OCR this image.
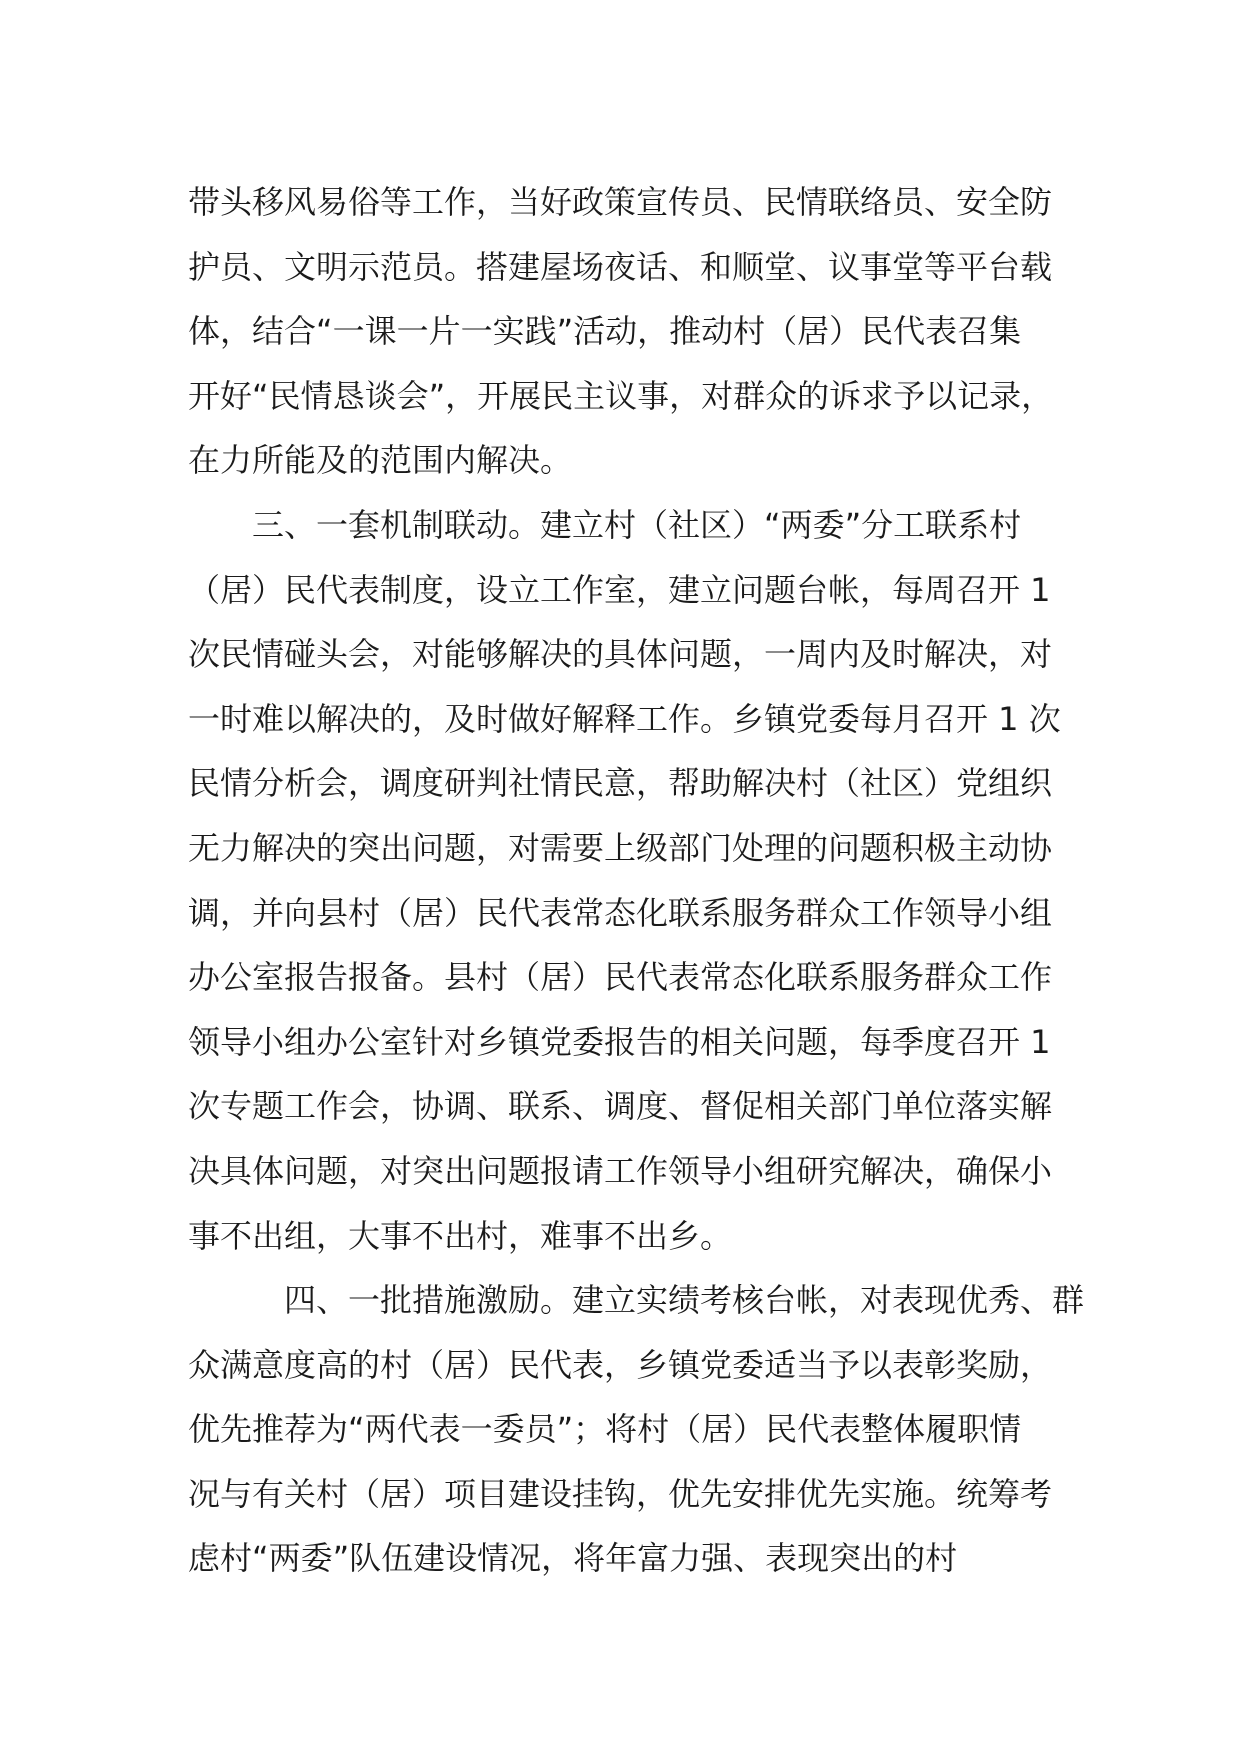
带头移风易俗等工作，当好政策宣传员、民情联络员、安全防
护员、文明示范员。搭建屋场夜话、和顺堂、议事堂等平台载
体，结合“一课一片一实践”活动，推动村（居）民代表召集
开好“民情恳谈会”，开展民主议事，对群众的诉求予以记录，
在力所能及的范围内解决。
　　三、一套机制联动。建立村（社区）“两委”分工联系村
（居）民代表制度，设立工作室，建立问题台帐，每周召开 1
次民情碰头会，对能够解决的具体问题，一周内及时解决，对
一时难以解决的，及时做好解释工作。乡镇党委每月召开 1 次
民情分析会，调度研判社情民意，帮助解决村（社区）党组织
无力解决的突出问题，对需要上级部门处理的问题积极主动协
调，并向县村（居）民代表常态化联系服务群众工作领导小组
办公室报告报备。县村（居）民代表常态化联系服务群众工作
领导小组办公室针对乡镇党委报告的相关问题，每季度召开 1
次专题工作会，协调、联系、调度、督促相关部门单位落实解
决具体问题，对突出问题报请工作领导小组研究解决，确保小
事不出组，大事不出村，难事不出乡。
　　　四、一批措施激励。建立实绩考核台帐，对表现优秀、群
众满意度高的村（居）民代表，乡镇党委适当予以表彰奖励，
优先推荐为“两代表一委员”；将村（居）民代表整体履职情
况与有关村（居）项目建设挂钩，优先安排优先实施。统筹考
虑村“两委”队伍建设情况，将年富力强、表现突出的村
